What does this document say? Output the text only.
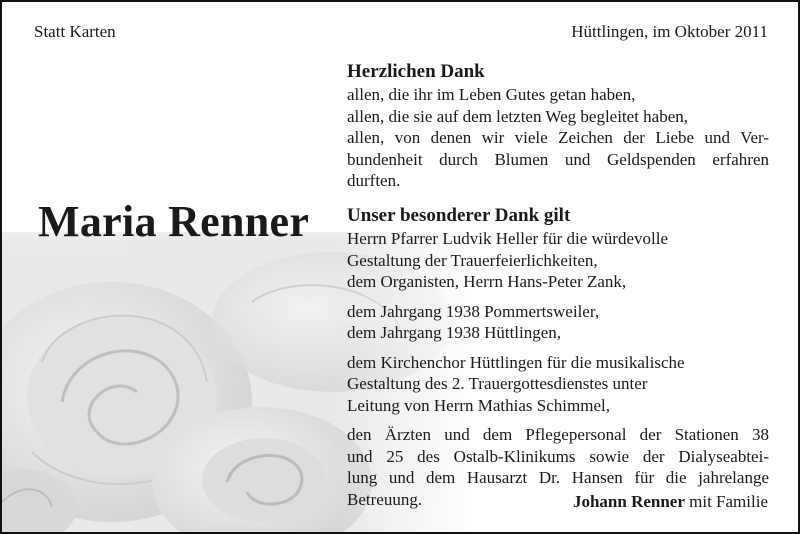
Statt Karten	Hüttlingen, im Oktober 2011
Maria Renner

Herzlichen Dank

allen, die ihr im Leben Gutes getan haben,
allen, die sie auf dem letzten Weg begleitet haben,
allen, von denen wir viele Zeichen der Liebe und Ver-
bundenheit durch Blumen und Geldspenden erfahren
durften.

Unser besonderer Dank gilt

Herrn Pfarrer Ludvik Heller für die würdevolle
Gestaltung der Trauerfeierlichkeiten,
dem Organisten, Herrn Hans-Peter Zank,
dem Jahrgang 1938 Pommertsweiler,
dem Jahrgang 1938 Hüttlingen,
dem Kirchenchor Hüttlingen für die musikalische
Gestaltung des 2. Trauergottesdienstes unter
Leitung von Herrn Mathias Schimmel,
den Ärzten und dem Pflegepersonal der Stationen 38
und 25 des Ostalb-Klinikums sowie der Dialyseabtei-
lung und dem Hausarzt Dr. Hansen für die jahrelange
Betreuung.	Johann Renner mit Familie
